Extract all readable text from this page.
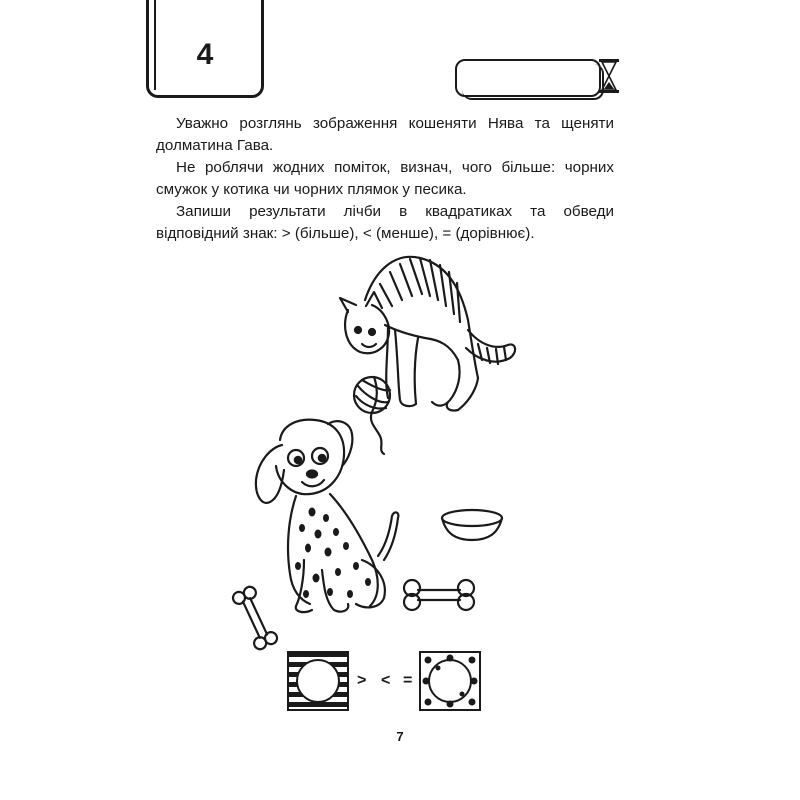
4

Уважно розглянь зображення кошеняти Нява та щеняти долматина Гава.

Не роблячи жодних поміток, визнач, чого більше: чорних смужок у котика чи чорних плямок у песика.

Запиши результати лічби в квадратиках та обведи відповідний знак: > (більше), < (менше), = (дорівнює).

> < =
7
